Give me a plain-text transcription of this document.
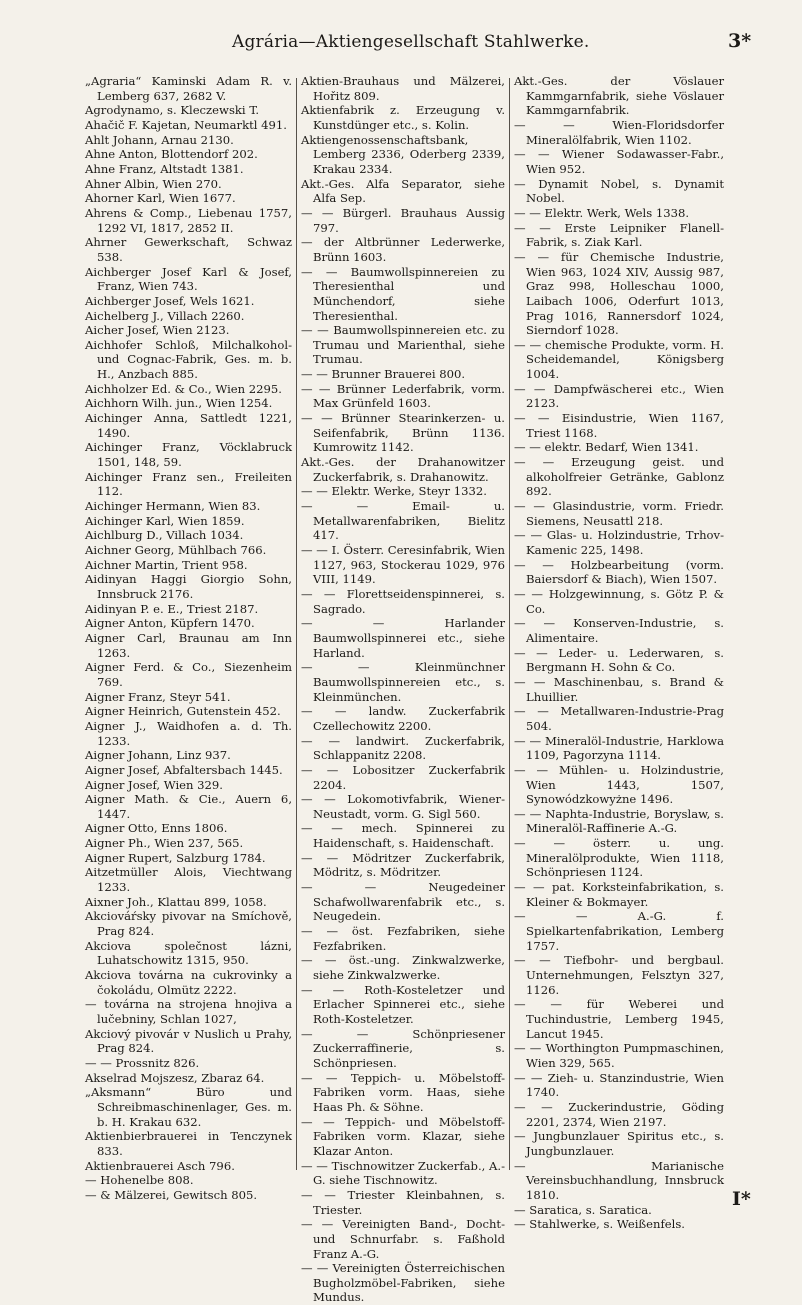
Agrária—Aktiengesellschaft Stahlwerke.	3*

„Agraria“ Kaminski Adam R. v. Lemberg 637, 2682 V.

Agrodynamo, s. Kleczewski T.

Ahačič F. Kajetan, Neumarktl 491.

Ahlt Johann, Arnau 2130.

Ahne Anton, Blottendorf 202.

Ahne Franz, Altstadt 1381.

Ahner Albin, Wien 270.

Ahorner Karl, Wien 1677.

Ahrens & Comp., Liebenau 1757, 1292 VI, 1817, 2852 II.

Ahrner Gewerkschaft, Schwaz 538.

Aichberger Josef Karl & Josef, Franz, Wien 743.

Aichberger Josef, Wels 1621.

Aichelberg J., Villach 2260.

Aicher Josef, Wien 2123.

Aichhofer Schloß, Milchalkohol- und Cognac-Fabrik, Ges. m. b. H., Anzbach 885.

Aichholzer Ed. & Co., Wien 2295.

Aichhorn Wilh. jun., Wien 1254.

Aichinger Anna, Sattledt 1221, 1490.

Aichinger Franz, Vöcklabruck 1501, 148, 59.

Aichinger Franz sen., Freileiten 112.

Aichinger Hermann, Wien 83.

Aichinger Karl, Wien 1859.

Aichlburg D., Villach 1034.

Aichner Georg, Mühlbach 766.

Aichner Martin, Trient 958.

Aidinyan Haggi Giorgio Sohn, Innsbruck 2176.

Aidinyan P. e. E., Triest 2187.

Aigner Anton, Küpfern 1470.

Aigner Carl, Braunau am Inn 1263.

Aigner Ferd. & Co., Siezenheim 769.

Aigner Franz, Steyr 541.

Aigner Heinrich, Gutenstein 452.

Aigner J., Waidhofen a. d. Th. 1233.

Aigner Johann, Linz 937.

Aigner Josef, Abfaltersbach 1445.

Aigner Josef, Wien 329.

Aigner Math. & Cie., Auern 6, 1447.

Aigner Otto, Enns 1806.

Aigner Ph., Wien 237, 565.

Aigner Rupert, Salzburg 1784.

Aitzetmüller Alois, Viechtwang 1233.

Aixner Joh., Klattau 899, 1058.

Akciováŕsky pivovar na Smíchově, Prag 824.

Akciova společnost lázni, Luhatschowitz 1315, 950.

Akciova továrna na cukrovinky a čokoládu, Olmütz 2222.

— továrna na strojena hnojiva a lučebniny, Schlan 1027,

Akciový pivovár v Nuslich u Prahy, Prag 824.

— — Prossnitz 826.

Akselrad Mojszesz, Zbaraz 64.

„Aksmann“ Büro und Schreibmaschinenlager, Ges. m. b. H. Krakau 632.

Aktienbierbrauerei in Tenczynek 833.

Aktienbrauerei Asch 796.

— Hohenelbe 808.

— & Mälzerei, Gewitsch 805.

Aktien-Brauhaus und Mälzerei, Hořitz 809.

Aktienfabrik z. Erzeugung v. Kunstdünger etc., s. Kolin.

Aktiengenossenschaftsbank, Lemberg 2336, Oderberg 2339, Krakau 2334.

Akt.-Ges. Alfa Separator, siehe Alfa Sep.

— — Bürgerl. Brauhaus Aussig 797.

— der Altbrünner Lederwerke, Brünn 1603.

— — Baumwollspinnereien zu Theresienthal und Münchendorf, siehe Theresienthal.

— — Baumwollspinnereien etc. zu Trumau und Marienthal, siehe Trumau.

— — Brunner Brauerei 800.

— — Brünner Lederfabrik, vorm. Max Grünfeld 1603.

— — Brünner Stearinkerzen- u. Seifenfabrik, Brünn 1136. Kumrowitz 1142.

Akt.-Ges. der Drahanowitzer Zuckerfabrik, s. Drahanowitz.

— — Elektr. Werke, Steyr 1332.

— — Email- u. Metallwarenfabriken, Bielitz 417.

— — I. Österr. Ceresinfabrik, Wien 1127, 963, Stockerau 1029, 976 VIII, 1149.

— — Florettseidenspinnerei, s. Sagrado.

— — Harlander Baumwollspinnerei etc., siehe Harland.

— — Kleinmünchner Baumwollspinnereien etc., s. Kleinmünchen.

— — landw. Zuckerfabrik Czellechowitz 2200.

— — landwirt. Zuckerfabrik, Schlappanitz 2208.

— — Lobositzer Zuckerfabrik 2204.

— — Lokomotivfabrik, Wiener-Neustadt, vorm. G. Sigl 560.

— — mech. Spinnerei zu Haidenschaft, s. Haidenschaft.

— — Mödritzer Zuckerfabrik, Mödritz, s. Mödritzer.

— — Neugedeiner Schafwollwarenfabrik etc., s. Neugedein.

— — öst. Fezfabriken, siehe Fezfabriken.

— — öst.-ung. Zinkwalzwerke, siehe Zinkwalzwerke.

— — Roth-Kosteletzer und Erlacher Spinnerei etc., siehe Roth-Kosteletzer.

— — Schönpriesener Zuckerraffinerie, s. Schönpriesen.

— — Teppich- u. Möbelstoff-Fabriken vorm. Haas, siehe Haas Ph. & Söhne.

— — Teppich- und Möbelstoff-Fabriken vorm. Klazar, siehe Klazar Anton.

— — Tischnowitzer Zuckerfab., A.-G. siehe Tischnowitz.

— — Triester Kleinbahnen, s. Triester.

— — Vereinigten Band-, Docht- und Schnurfabr. s. Faßhold Franz A.-G.

— — Vereinigten Österreichischen Bugholzmöbel-Fabriken, siehe Mundus.

Akt.-Ges. der Vöslauer Kammgarnfabrik, siehe Vöslauer Kammgarnfabrik.

— — Wien-Floridsdorfer Mineralölfabrik, Wien 1102.

— — Wiener Sodawasser-Fabr., Wien 952.

— Dynamit Nobel, s. Dynamit Nobel.

— — Elektr. Werk, Wels 1338.

— — Erste Leipniker Flanell-Fabrik, s. Ziak Karl.

— — für Chemische Industrie, Wien 963, 1024 XIV, Aussig 987, Graz 998, Holleschau 1000, Laibach 1006, Oderfurt 1013, Prag 1016, Rannersdorf 1024, Sierndorf 1028.

— — chemische Produkte, vorm. H. Scheidemandel, Königsberg 1004.

— — Dampfwäscherei etc., Wien 2123.

— — Eisindustrie, Wien 1167, Triest 1168.

— — elektr. Bedarf, Wien 1341.

— — Erzeugung geist. und alkoholfreier Getränke, Gablonz 892.

— — Glasindustrie, vorm. Friedr. Siemens, Neusattl 218.

— — Glas- u. Holzindustrie, Trhov-Kamenic 225, 1498.

— — Holzbearbeitung (vorm. Baiersdorf & Biach), Wien 1507.

— — Holzgewinnung, s. Götz P. & Co.

— — Konserven-Industrie, s. Alimentaire.

— — Leder- u. Lederwaren, s. Bergmann H. Sohn & Co.

— — Maschinenbau, s. Brand & Lhuillier.

— — Metallwaren-Industrie-Prag 504.

— — Mineralöl-Industrie, Harklowa 1109, Pagorzyna 1114.

— — Mühlen- u. Holzindustrie, Wien 1443, 1507, Synowódzkowyżne 1496.

— — Naphta-Industrie, Boryslaw, s. Mineralöl-Raffinerie A.-G.

— — österr. u. ung. Mineralölprodukte, Wien 1118, Schönpriesen 1124.

— — pat. Korksteinfabrikation, s. Kleiner & Bokmayer.

— — A.-G. f. Spielkartenfabrikation, Lemberg 1757.

— — Tiefbohr- und bergbaul. Unternehmungen, Felsztyn 327, 1126.

— — für Weberei und Tuchindustrie, Lemberg 1945, Lancut 1945.

— — Worthington Pumpmaschinen, Wien 329, 565.

— — Zieh- u. Stanzindustrie, Wien 1740.

— — Zuckerindustrie, Göding 2201, 2374, Wien 2197.

— Jungbunzlauer Spiritus etc., s. Jungbunzlauer.

— Marianische Vereinsbuchhandlung, Innsbruck 1810.

— Saratica, s. Saratica.

— Stahlwerke, s. Weißenfels.

I*
